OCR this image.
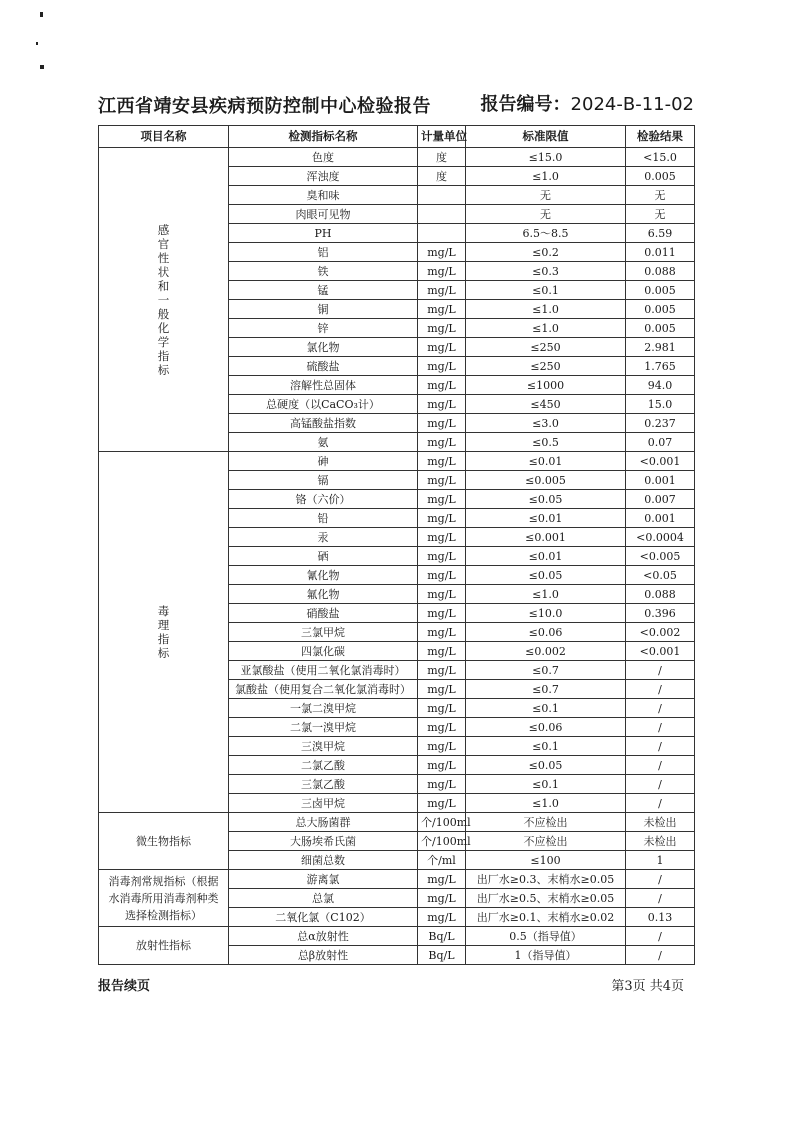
江西省靖安县疾病预防控制中心检验报告	报告编号：2024-B-11-02
项目名称	检测指标名称	计量单位	标准限值	检验结果
感官性状和一般化学指标	色度	度	≤15.0	<15.0
	浑浊度	度	≤1.0	0.005
	臭和味		无	无
	肉眼可见物		无	无
	PH		6.5～8.5	6.59
	铝	mg/L	≤0.2	0.011
	铁	mg/L	≤0.3	0.088
	锰	mg/L	≤0.1	0.005
	铜	mg/L	≤1.0	0.005
	锌	mg/L	≤1.0	0.005
	氯化物	mg/L	≤250	2.981
	硫酸盐	mg/L	≤250	1.765
	溶解性总固体	mg/L	≤1000	94.0
	总硬度（以CaCO₃计）	mg/L	≤450	15.0
	高锰酸盐指数	mg/L	≤3.0	0.237
	氨	mg/L	≤0.5	0.07
毒理指标	砷	mg/L	≤0.01	<0.001
	镉	mg/L	≤0.005	0.001
	铬（六价）	mg/L	≤0.05	0.007
	铅	mg/L	≤0.01	0.001
	汞	mg/L	≤0.001	<0.0004
	硒	mg/L	≤0.01	<0.005
	氰化物	mg/L	≤0.05	<0.05
	氟化物	mg/L	≤1.0	0.088
	硝酸盐	mg/L	≤10.0	0.396
	三氯甲烷	mg/L	≤0.06	<0.002
	四氯化碳	mg/L	≤0.002	<0.001
	亚氯酸盐（使用二氧化氯消毒时）	mg/L	≤0.7	/
	氯酸盐（使用复合二氧化氯消毒时）	mg/L	≤0.7	/
	一氯二溴甲烷	mg/L	≤0.1	/
	二氯一溴甲烷	mg/L	≤0.06	/
	三溴甲烷	mg/L	≤0.1	/
	二氯乙酸	mg/L	≤0.05	/
	三氯乙酸	mg/L	≤0.1	/
	三卤甲烷	mg/L	≤1.0	/
微生物指标	总大肠菌群	个/100ml	不应检出	未检出
	大肠埃希氏菌	个/100ml	不应检出	未检出
	细菌总数	个/ml	≤100	1
消毒剂常规指标（根据水消毒所用消毒剂种类选择检测指标）	游离氯	mg/L	出厂水≥0.3、末梢水≥0.05	/
	总氯	mg/L	出厂水≥0.5、末梢水≥0.05	/
	二氧化氯（C102）	mg/L	出厂水≥0.1、末梢水≥0.02	0.13
放射性指标	总α放射性	Bq/L	0.5（指导值）	/
	总β放射性	Bq/L	1（指导值）	/
报告续页	第3页 共4页
